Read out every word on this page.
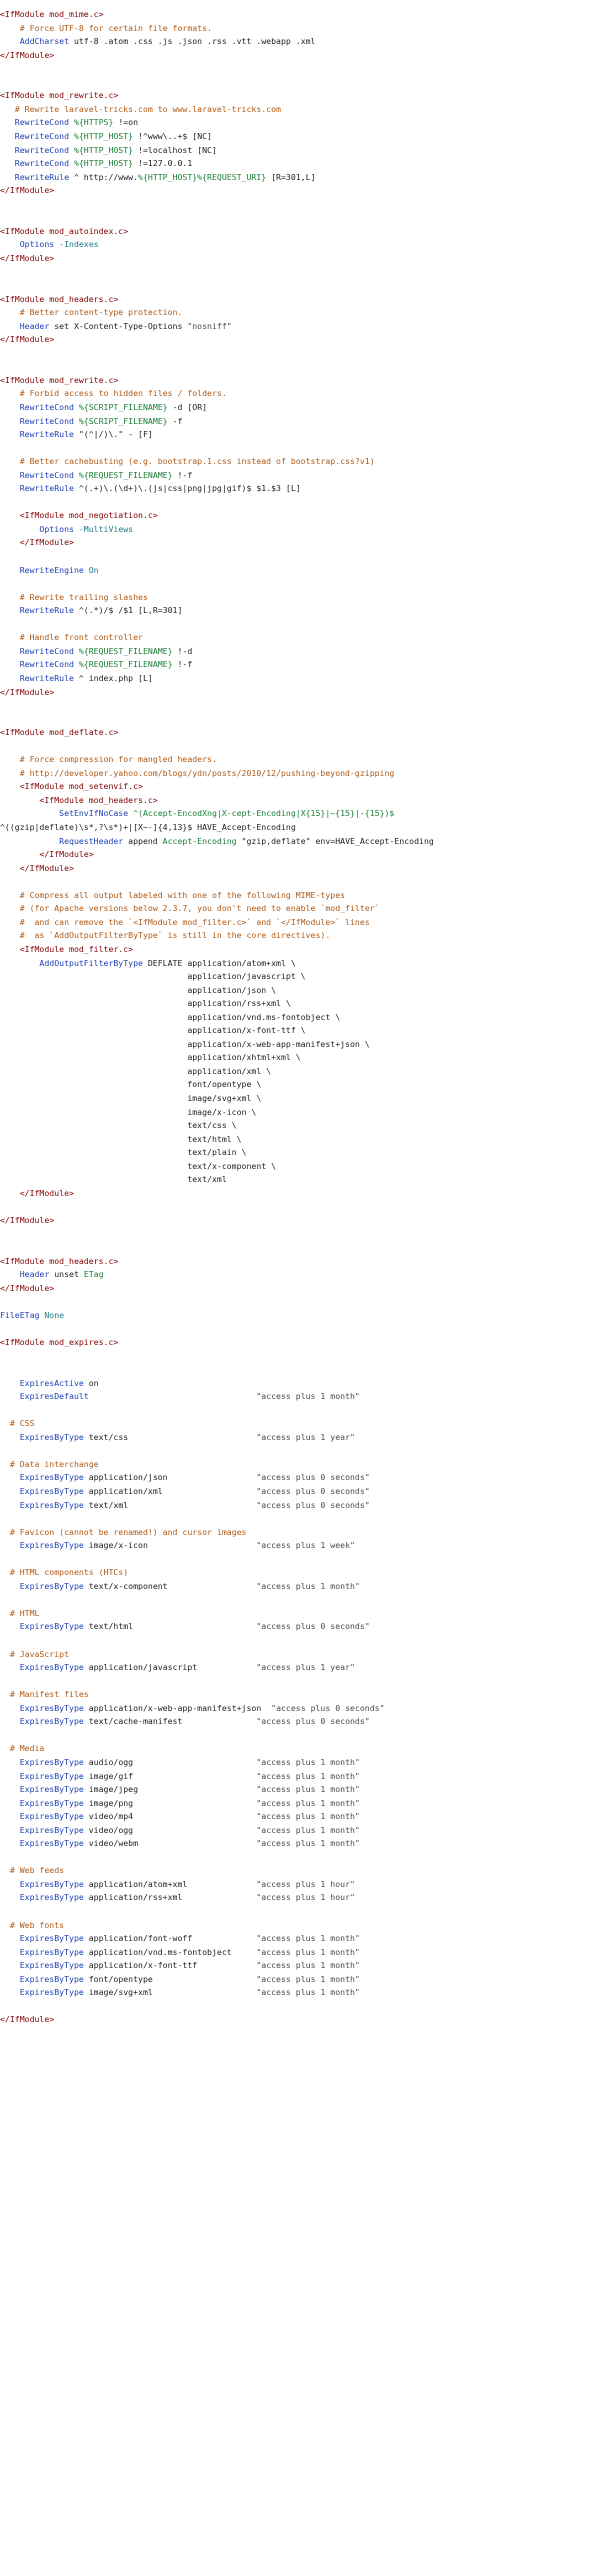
<IfModule mod_mime.c>
# Force UTF-8 for certain file formats.
AddCharset utf-8 .atom .css .js .json .rss .vtt .webapp .xml
</IfModule>
<IfModule mod_rewrite.c>
# Rewrite laravel-tricks.com to www.laravel-tricks.com
RewriteCond %{HTTPS} !=on
RewriteCond %{HTTP_HOST} !^www\..+$ [NC]
RewriteCond %{HTTP_HOST} !=localhost [NC]
RewriteCond %{HTTP_HOST} !=127.0.0.1
RewriteRule ^ http://www.%{HTTP_HOST}%{REQUEST_URI} [R=301,L]
</IfModule>
<IfModule mod_autoindex.c>
Options -Indexes
</IfModule>
<IfModule mod_headers.c>
# Better content-type protection.
Header set X-Content-Type-Options "nosniff"
</IfModule>
<IfModule mod_rewrite.c>
# Forbid access to hidden files / folders.
RewriteCond %{SCRIPT_FILENAME} -d [OR]
RewriteCond %{SCRIPT_FILENAME} -f
RewriteRule "(^|/)\." - [F]
# Better cachebusting (e.g. bootstrap.1.css instead of bootstrap.css?v1)
RewriteCond %{REQUEST_FILENAME} !-f
RewriteRule ^(.+)\.(\d+)\.(js|css|png|jpg|gif)$ $1.$3 [L]
<IfModule mod_negotiation.c>
Options -MultiViews
</IfModule>
RewriteEngine On
# Rewrite trailing slashes
RewriteRule ^(.*)/$ /$1 [L,R=301]
# Handle front controller
RewriteCond %{REQUEST_FILENAME} !-d
RewriteCond %{REQUEST_FILENAME} !-f
RewriteRule ^ index.php [L]
</IfModule>
<IfModule mod_deflate.c>
# Force compression for mangled headers.
# http://developer.yahoo.com/blogs/ydn/posts/2010/12/pushing-beyond-gzipping
<IfModule mod_setenvif.c>
<IfModule mod_headers.c>
SetEnvIfNoCase ^(Accept-EncodXng|X-cept-Encoding|X{15}|~{15}|-{15})$
^((gzip|deflate)\s*,?\s*)+|[X~-]{4,13}$ HAVE_Accept-Encoding
RequestHeader append Accept-Encoding "gzip,deflate" env=HAVE_Accept-Encoding
</IfModule>
</IfModule>
# Compress all output labeled with one of the following MIME-types
# (for Apache versions below 2.3.7, you don't need to enable `mod_filter`
#  and can remove the `<IfModule mod_filter.c>` and `</IfModule>` lines
#  as `AddOutputFilterByType` is still in the core directives).
<IfModule mod_filter.c>
AddOutputFilterByType DEFLATE application/atom+xml \
application/javascript \
application/json \
application/rss+xml \
application/vnd.ms-fontobject \
application/x-font-ttf \
application/x-web-app-manifest+json \
application/xhtml+xml \
application/xml \
font/opentype \
image/svg+xml \
image/x-icon \
text/css \
text/html \
text/plain \
text/x-component \
text/xml
</IfModule>
</IfModule>
<IfModule mod_headers.c>
Header unset ETag
</IfModule>
FileETag None
<IfModule mod_expires.c>
ExpiresActive on
ExpiresDefault                                  "access plus 1 month"
# CSS
ExpiresByType text/css                          "access plus 1 year"
# Data interchange
ExpiresByType application/json                  "access plus 0 seconds"
ExpiresByType application/xml                   "access plus 0 seconds"
ExpiresByType text/xml                          "access plus 0 seconds"
# Favicon (cannot be renamed!) and cursor images
ExpiresByType image/x-icon                      "access plus 1 week"
# HTML components (HTCs)
ExpiresByType text/x-component                  "access plus 1 month"
# HTML
ExpiresByType text/html                         "access plus 0 seconds"
# JavaScript
ExpiresByType application/javascript            "access plus 1 year"
# Manifest files
ExpiresByType application/x-web-app-manifest+json  "access plus 0 seconds"
ExpiresByType text/cache-manifest               "access plus 0 seconds"
# Media
ExpiresByType audio/ogg                         "access plus 1 month"
ExpiresByType image/gif                         "access plus 1 month"
ExpiresByType image/jpeg                        "access plus 1 month"
ExpiresByType image/png                         "access plus 1 month"
ExpiresByType video/mp4                         "access plus 1 month"
ExpiresByType video/ogg                         "access plus 1 month"
ExpiresByType video/webm                        "access plus 1 month"
# Web feeds
ExpiresByType application/atom+xml              "access plus 1 hour"
ExpiresByType application/rss+xml               "access plus 1 hour"
# Web fonts
ExpiresByType application/font-woff             "access plus 1 month"
ExpiresByType application/vnd.ms-fontobject     "access plus 1 month"
ExpiresByType application/x-font-ttf            "access plus 1 month"
ExpiresByType font/opentype                     "access plus 1 month"
ExpiresByType image/svg+xml                     "access plus 1 month"
</IfModule>
